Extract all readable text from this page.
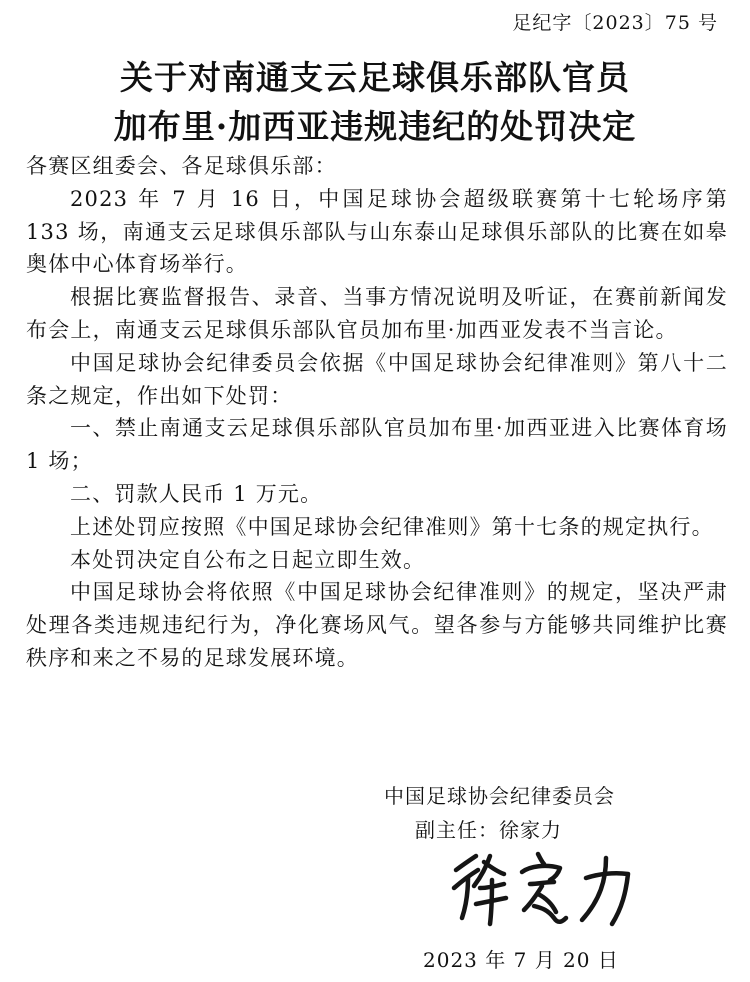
足纪字〔2023〕75 号
关于对南通支云足球俱乐部队官员
加布里·加西亚违规违纪的处罚决定

各赛区组委会、各足球俱乐部：

2023 年 7 月 16 日，中国足球协会超级联赛第十七轮场序第 133 场，南通支云足球俱乐部队与山东泰山足球俱乐部队的比赛在如皋奥体中心体育场举行。

根据比赛监督报告、录音、当事方情况说明及听证，在赛前新闻发布会上，南通支云足球俱乐部队官员加布里·加西亚发表不当言论。

中国足球协会纪律委员会依据《中国足球协会纪律准则》第八十二条之规定，作出如下处罚：

一、禁止南通支云足球俱乐部队官员加布里·加西亚进入比赛体育场 1 场；

二、罚款人民币 1 万元。

上述处罚应按照《中国足球协会纪律准则》第十七条的规定执行。

本处罚决定自公布之日起立即生效。

中国足球协会将依照《中国足球协会纪律准则》的规定，坚决严肃处理各类违规违纪行为，净化赛场风气。望各参与方能够共同维护比赛秩序和来之不易的足球发展环境。

中国足球协会纪律委员会
副主任：徐家力
2023 年 7 月 20 日
